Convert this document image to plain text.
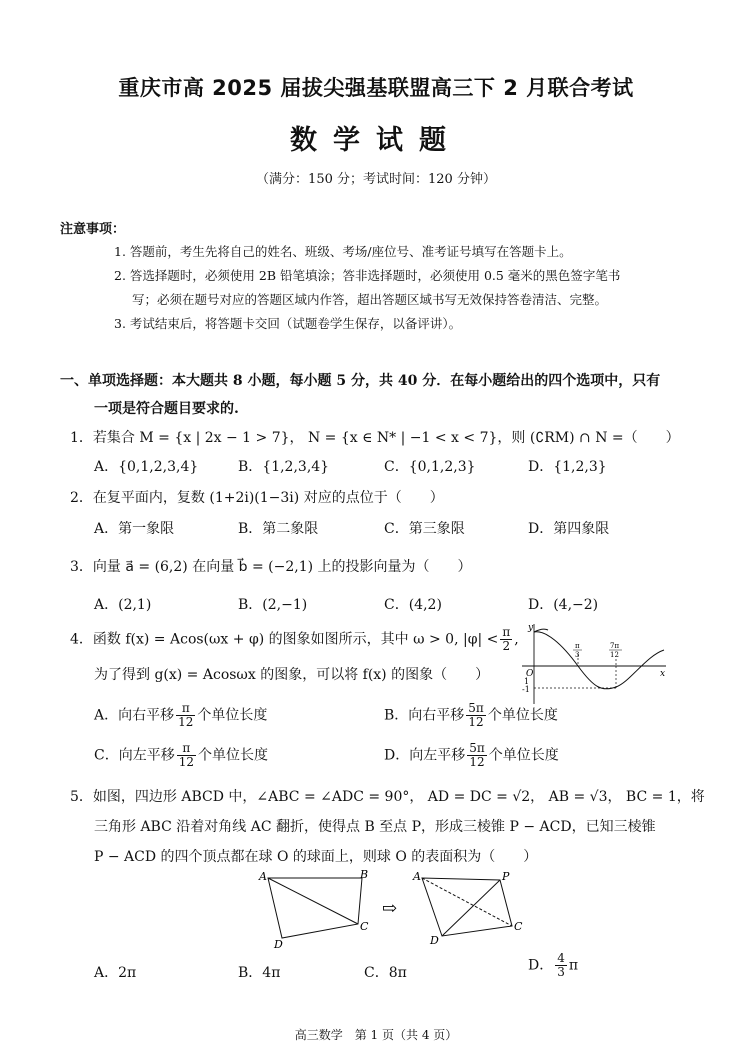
重庆市高 2025 届拔尖强基联盟高三下 2 月联合考试
数学试题
（满分：150 分；考试时间：120 分钟）
注意事项：
1. 答题前，考生先将自己的姓名、班级、考场/座位号、准考证号填写在答题卡上。
2. 答选择题时，必须使用 2B 铅笔填涂；答非选择题时，必须使用 0.5 毫米的黑色签字笔书
写；必须在题号对应的答题区域内作答，超出答题区域书写无效保持答卷清洁、完整。
3. 考试结束后，将答题卡交回（试题卷学生保存，以备评讲）。
一、单项选择题：本大题共 8 小题，每小题 5 分，共 40 分．在每小题给出的四个选项中，只有
一项是符合题目要求的.
1．若集合 M = {x | 2x − 1 > 7}， N = {x ∈ N* | −1 < x < 7}，则 (∁RM) ∩ N =（　　）
A．{0,1,2,3,4}	B．{1,2,3,4}	C．{0,1,2,3}	D．{1,2,3}
2．在复平面内，复数 (1+2i)(1−3i) 对应的点位于（　　）
A．第一象限	B．第二象限	C．第三象限	D．第四象限
3．向量 a⃗ = (6,2) 在向量 b⃗ = (−2,1) 上的投影向量为（　　）
A．(2,1)	B．(2,−1)	C．(4,2)	D．(4,−2)
4．函数 f(x) = Acos(ωx + φ) 的图象如图所示，其中 ω > 0, $|\varphi| < \frac{\pi}{2}$ ,
为了得到 g(x) = Acosωx 的图象，可以将 f(x) 的图象（　　）
y
x
O
1
-1
π
3
7π
12
A．向右平移 $\frac{\pi}{12}$ 个单位长度	B．向右平移 $\frac{5\pi}{12}$ 个单位长度
C．向左平移 $\frac{\pi}{12}$ 个单位长度	D．向左平移 $\frac{5\pi}{12}$ 个单位长度
5．如图，四边形 ABCD 中，∠ABC = ∠ADC = 90°， AD = DC = √2， AB = √3， BC = 1，将
三角形 ABC 沿着对角线 AC 翻折，使得点 B 至点 P，形成三棱锥 P − ACD，已知三棱锥
P − ACD 的四个顶点都在球 O 的球面上，则球 O 的表面积为（　　）
A	B
C
D
⇨
A	P
C
D
A．2π	B．4π	C．8π	D． $\frac{4}{3}$ π
高三数学　第 1 页（共 4 页）
